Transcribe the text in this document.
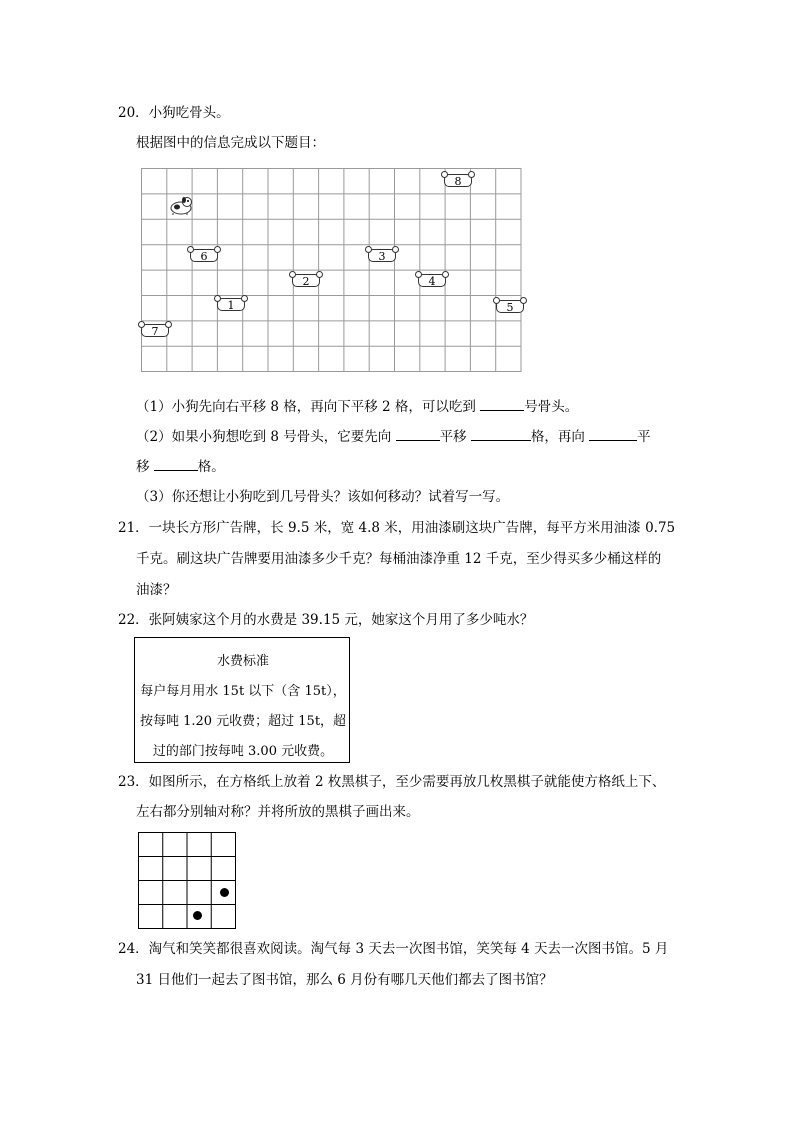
20．小狗吃骨头。
根据图中的信息完成以下题目：
8
6	3
2	4
1	5
7
（1）小狗先向右平移 8 格，再向下平移 2 格，可以吃到	号骨头。
（2）如果小狗想吃到 8 号骨头，它要先向	平移	格，再向	平
移	格。
（3）你还想让小狗吃到几号骨头？该如何移动？试着写一写。
21．一块长方形广告牌，长 9.5 米，宽 4.8 米，用油漆刷这块广告牌，每平方米用油漆 0.75
千克。刷这块广告牌要用油漆多少千克？每桶油漆净重 12 千克，至少得买多少桶这样的
油漆？
22．张阿姨家这个月的水费是 39.15 元，她家这个月用了多少吨水？
水费标准
每户每月用水 15t 以下（含 15t），
按每吨 1.20 元收费；超过 15t，超
过的部门按每吨 3.00 元收费。
23．如图所示，在方格纸上放着 2 枚黑棋子，至少需要再放几枚黑棋子就能使方格纸上下、
左右都分别轴对称？并将所放的黑棋子画出来。
24．淘气和笑笑都很喜欢阅读。淘气每 3 天去一次图书馆，笑笑每 4 天去一次图书馆。5 月
31 日他们一起去了图书馆，那么 6 月份有哪几天他们都去了图书馆？
